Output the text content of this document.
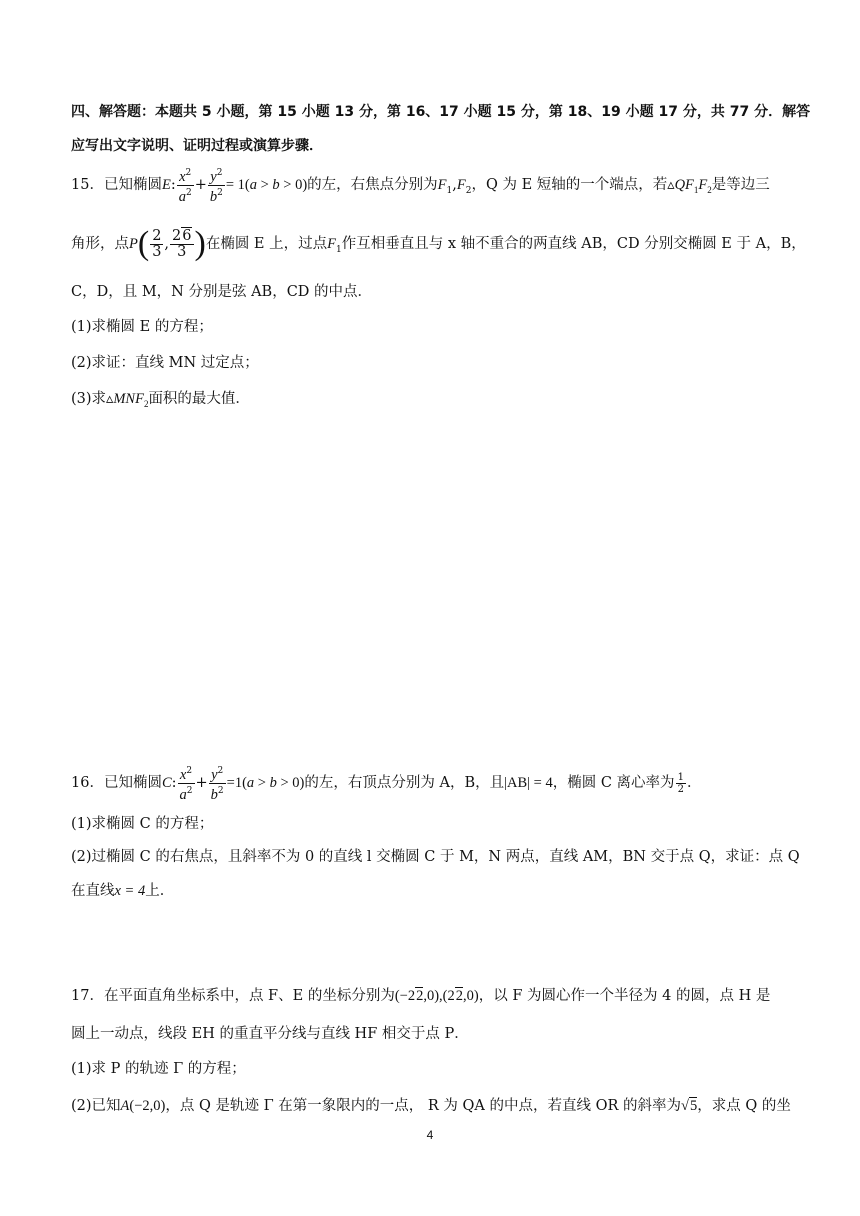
四、解答题：本题共 5 小题，第 15 小题 13 分，第 16、17 小题 15 分，第 18、19 小题 17 分，共 77 分．解答
应写出文字说明、证明过程或演算步骤．
15．已知椭圆E: $\frac{x^2}{a^2} + \frac{y^2}{b^2} = 1(a > b > 0)$的左，右焦点分别为$F_1,F_2$，Q 为 E 短轴的一个端点，若$▵QF_1F_2$是等边三
角形，点$P( \frac{2}{3}$ , $\frac{26}{3}$ )在椭圆 E 上，过点$F_1$作互相垂直且与 x 轴不重合的两直线 AB，CD 分别交椭圆 E 于 A，B，
C，D，且 M，N 分别是弦 AB，CD 的中点．
(1)求椭圆 E 的方程；
(2)求证：直线 MN 过定点；
(3)求$▵MNF_2$面积的最大值．
16．已知椭圆C: $\frac{x^2}{a^2} + \frac{y^2}{b^2} =1(a > b > 0)$的左，右顶点分别为 A，B，且|AB| = 4，椭圆 C 离心率为 $\frac{1}{2}$ ．
(1)求椭圆 C 的方程；
(2)过椭圆 C 的右焦点，且斜率不为 0 的直线 l 交椭圆 C 于 M，N 两点，直线 AM，BN 交于点 Q，求证：点 Q
在直线x = 4上．
17．在平面直角坐标系中，点 F、E 的坐标分别为(−22,0),(22,0)，以 F 为圆心作一个半径为 4 的圆，点 H 是
圆上一动点，线段 EH 的重直平分线与直线 HF 相交于点 P．
(1)求 P 的轨迹 Γ 的方程；
(2)已知A(−2,0)，点 Q 是轨迹 Γ 在第一象限内的一点， R 为 QA 的中点，若直线 OR 的斜率为√5，求点 Q 的坐
4
